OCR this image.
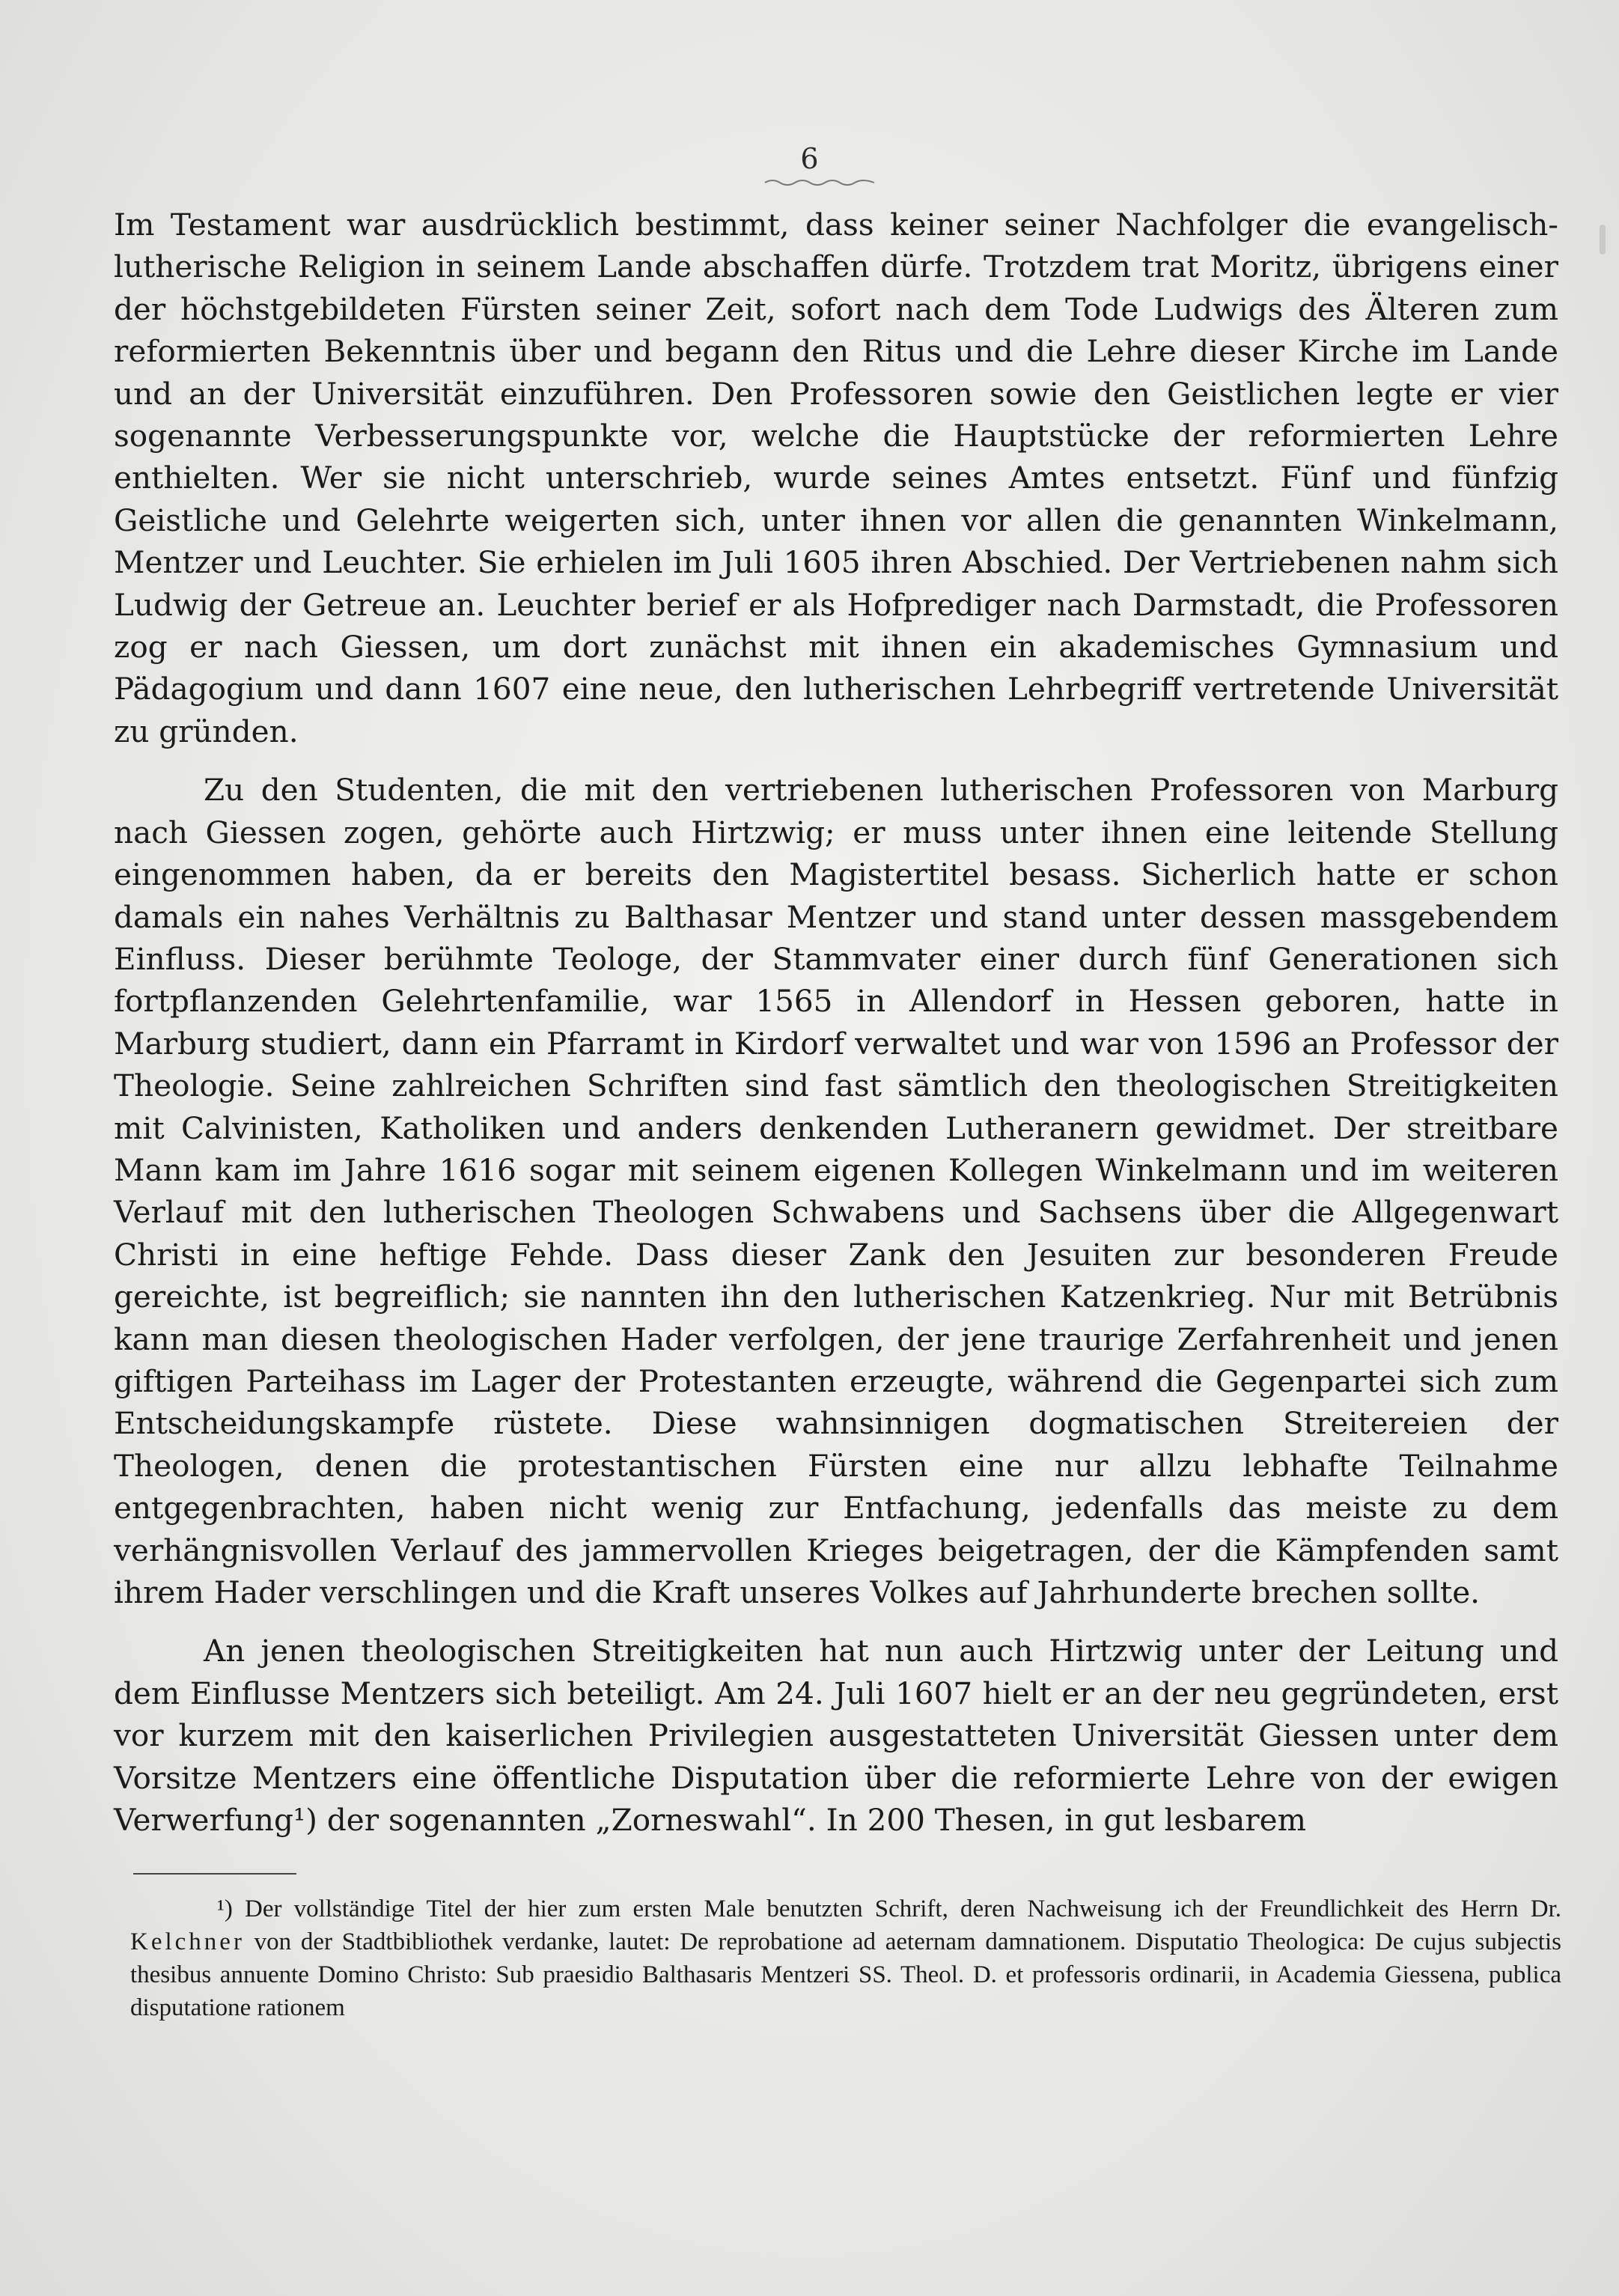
6

Im Testament war ausdrücklich bestimmt, dass keiner seiner Nachfolger die evangelisch-lutherische Religion in seinem Lande abschaffen dürfe. Trotzdem trat Moritz, übrigens einer der höchstgebildeten Fürsten seiner Zeit, sofort nach dem Tode Ludwigs des Älteren zum reformierten Bekenntnis über und begann den Ritus und die Lehre dieser Kirche im Lande und an der Universität einzuführen. Den Professoren sowie den Geistlichen legte er vier sogenannte Verbesserungspunkte vor, welche die Hauptstücke der reformierten Lehre enthielten. Wer sie nicht unterschrieb, wurde seines Amtes entsetzt. Fünf und fünfzig Geistliche und Gelehrte weigerten sich, unter ihnen vor allen die genannten Winkelmann, Mentzer und Leuchter. Sie erhielen im Juli 1605 ihren Abschied. Der Vertriebenen nahm sich Ludwig der Getreue an. Leuchter berief er als Hofprediger nach Darmstadt, die Professoren zog er nach Giessen, um dort zunächst mit ihnen ein akademisches Gymnasium und Pädagogium und dann 1607 eine neue, den lutherischen Lehrbegriff vertretende Universität zu gründen.

Zu den Studenten, die mit den vertriebenen lutherischen Professoren von Marburg nach Giessen zogen, gehörte auch Hirtzwig; er muss unter ihnen eine leitende Stellung eingenommen haben, da er bereits den Magistertitel besass. Sicherlich hatte er schon damals ein nahes Verhältnis zu Balthasar Mentzer und stand unter dessen massgebendem Einfluss. Dieser berühmte Teologe, der Stammvater einer durch fünf Generationen sich fortpflanzenden Gelehrtenfamilie, war 1565 in Allendorf in Hessen geboren, hatte in Marburg studiert, dann ein Pfarramt in Kirdorf verwaltet und war von 1596 an Professor der Theologie. Seine zahlreichen Schriften sind fast sämtlich den theologischen Streitigkeiten mit Calvinisten, Katholiken und anders denkenden Lutheranern gewidmet. Der streitbare Mann kam im Jahre 1616 sogar mit seinem eigenen Kollegen Winkelmann und im weiteren Verlauf mit den lutherischen Theologen Schwabens und Sachsens über die Allgegenwart Christi in eine heftige Fehde. Dass dieser Zank den Jesuiten zur besonderen Freude gereichte, ist begreiflich; sie nannten ihn den lutherischen Katzenkrieg. Nur mit Betrübnis kann man diesen theologischen Hader verfolgen, der jene traurige Zerfahrenheit und jenen giftigen Parteihass im Lager der Protestanten erzeugte, während die Gegenpartei sich zum Entscheidungskampfe rüstete. Diese wahnsinnigen dogmatischen Streitereien der Theologen, denen die protestantischen Fürsten eine nur allzu lebhafte Teilnahme entgegenbrachten, haben nicht wenig zur Entfachung, jedenfalls das meiste zu dem verhängnisvollen Verlauf des jammervollen Krieges beigetragen, der die Kämpfenden samt ihrem Hader verschlingen und die Kraft unseres Volkes auf Jahrhunderte brechen sollte.

An jenen theologischen Streitigkeiten hat nun auch Hirtzwig unter der Leitung und dem Einflusse Mentzers sich beteiligt. Am 24. Juli 1607 hielt er an der neu gegründeten, erst vor kurzem mit den kaiserlichen Privilegien ausgestatteten Universität Giessen unter dem Vorsitze Mentzers eine öffentliche Disputation über die reformierte Lehre von der ewigen Verwerfung¹) der sogenannten „Zorneswahl“. In 200 Thesen, in gut lesbarem

¹) Der vollständige Titel der hier zum ersten Male benutzten Schrift, deren Nachweisung ich der Freundlichkeit des Herrn Dr. Kelchner von der Stadtbibliothek verdanke, lautet: De reprobatione ad aeternam damnationem. Disputatio Theologica: De cujus subjectis thesibus annuente Domino Christo: Sub praesidio Balthasaris Mentzeri SS. Theol. D. et professoris ordinarii, in Academia Giessena, publica disputatione rationem
